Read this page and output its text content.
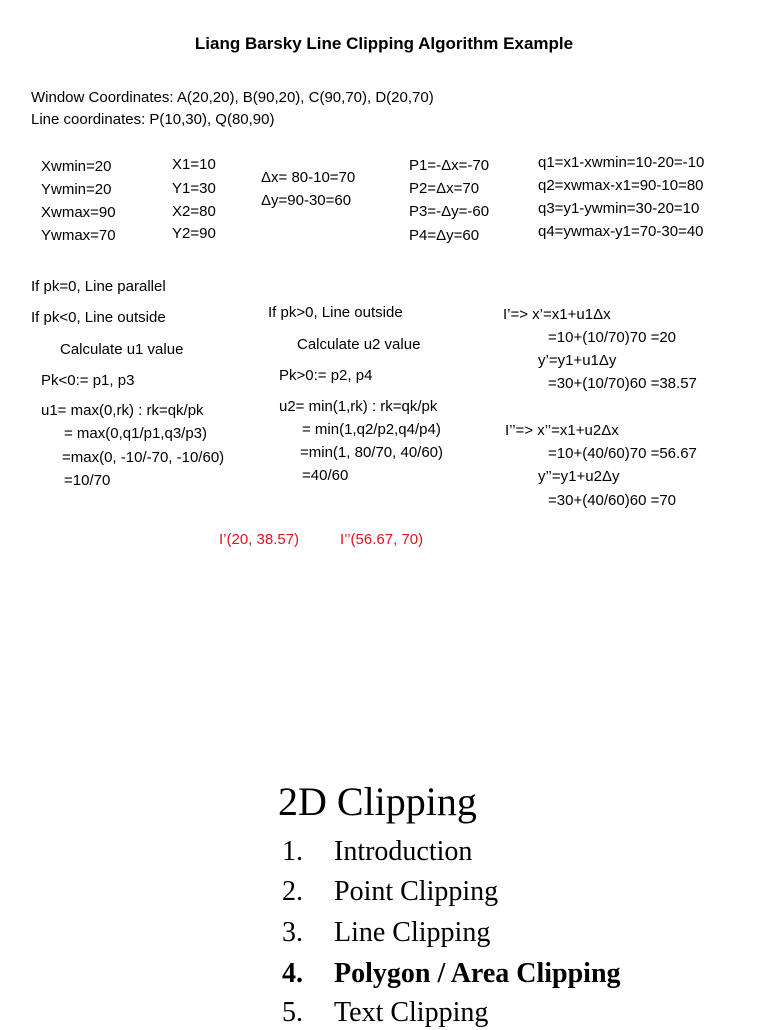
Liang Barsky Line Clipping Algorithm Example
Window Coordinates: A(20,20), B(90,20), C(90,70), D(20,70)
Line coordinates: P(10,30), Q(80,90)
Xwmin=20
Ywmin=20
Xwmax=90
Ywmax=70
X1=10
Y1=30
X2=80
Y2=90
Δx= 80-10=70
Δy=90-30=60
P1=-Δx=-70
P2=Δx=70
P3=-Δy=-60
P4=Δy=60
q1=x1-xwmin=10-20=-10
q2=xwmax-x1=90-10=80
q3=y1-ywmin=30-20=10
q4=ywmax-y1=70-30=40
If pk=0, Line parallel
If pk<0, Line outside	If pk>0, Line outside
Calculate u1 value
Pk<0:= p1, p3
u1= max(0,rk) : rk=qk/pk
= max(0,q1/p1,q3/p3)
=max(0, -10/-70, -10/60)
=10/70
Calculate u2 value
Pk>0:= p2, p4
u2= min(1,rk) : rk=qk/pk
= min(1,q2/p2,q4/p4)
=min(1, 80/70, 40/60)
=40/60
I’=> x’=x1+u1Δx
=10+(10/70)70 =20
y’=y1+u1Δy
=30+(10/70)60 =38.57
I’’=> x’’=x1+u2Δx
=10+(40/60)70 =56.67
y’’=y1+u2Δy
=30+(40/60)60 =70
I’(20, 38.57)	I’’(56.67, 70)
2D Clipping
1. Introduction
2. Point Clipping
3. Line Clipping
4. Polygon / Area Clipping
5. Text Clipping
